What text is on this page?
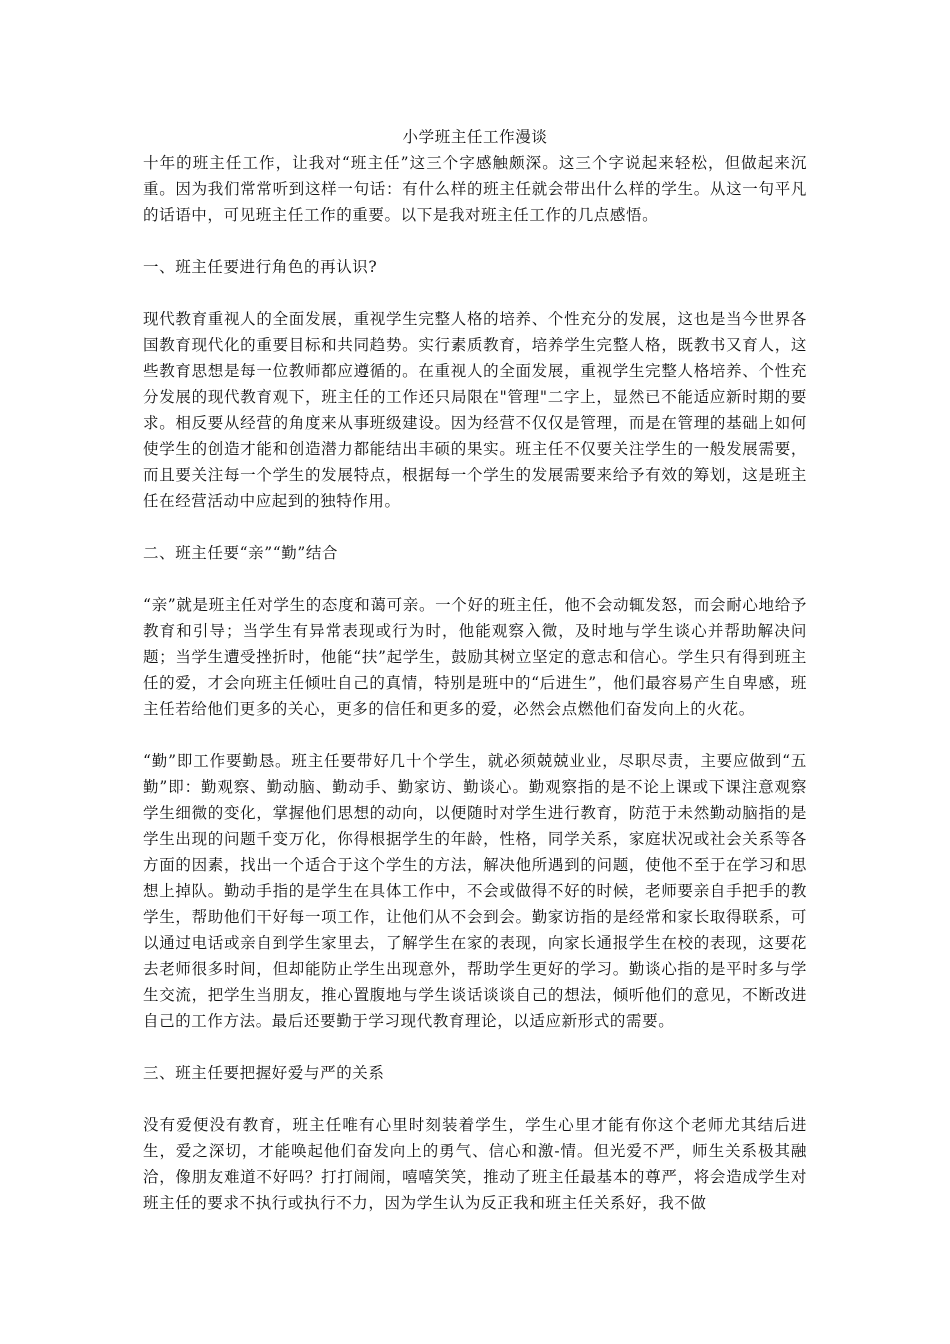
小学班主任工作漫谈

十年的班主任工作，让我对“班主任”这三个字感触颇深。这三个字说起来轻松，但做起来沉重。因为我们常常听到这样一句话：有什么样的班主任就会带出什么样的学生。从这一句平凡的话语中，可见班主任工作的重要。以下是我对班主任工作的几点感悟。

一、班主任要进行角色的再认识?

现代教育重视人的全面发展，重视学生完整人格的培养、个性充分的发展，这也是当今世界各国教育现代化的重要目标和共同趋势。实行素质教育，培养学生完整人格，既教书又育人，这些教育思想是每一位教师都应遵循的。在重视人的全面发展，重视学生完整人格培养、个性充分发展的现代教育观下，班主任的工作还只局限在"管理"二字上，显然已不能适应新时期的要求。相反要从经营的角度来从事班级建设。因为经营不仅仅是管理，而是在管理的基础上如何使学生的创造才能和创造潜力都能结出丰硕的果实。班主任不仅要关注学生的一般发展需要，而且要关注每一个学生的发展特点，根据每一个学生的发展需要来给予有效的筹划，这是班主任在经营活动中应起到的独特作用。

二、班主任要“亲”“勤”结合

“亲”就是班主任对学生的态度和蔼可亲。一个好的班主任，他不会动辄发怒，而会耐心地给予教育和引导；当学生有异常表现或行为时，他能观察入微，及时地与学生谈心并帮助解决问题；当学生遭受挫折时，他能“扶”起学生，鼓励其树立坚定的意志和信心。学生只有得到班主任的爱，才会向班主任倾吐自己的真情，特别是班中的“后进生”，他们最容易产生自卑感，班主任若给他们更多的关心，更多的信任和更多的爱，必然会点燃他们奋发向上的火花。

“勤”即工作要勤恳。班主任要带好几十个学生，就必须兢兢业业，尽职尽责，主要应做到“五勤”即：勤观察、勤动脑、勤动手、勤家访、勤谈心。勤观察指的是不论上课或下课注意观察学生细微的变化，掌握他们思想的动向，以便随时对学生进行教育，防范于未然勤动脑指的是学生出现的问题千变万化，你得根据学生的年龄，性格，同学关系，家庭状况或社会关系等各方面的因素，找出一个适合于这个学生的方法，解决他所遇到的问题，使他不至于在学习和思想上掉队。勤动手指的是学生在具体工作中，不会或做得不好的时候，老师要亲自手把手的教学生，帮助他们干好每一项工作，让他们从不会到会。勤家访指的是经常和家长取得联系，可以通过电话或亲自到学生家里去，了解学生在家的表现，向家长通报学生在校的表现，这要花去老师很多时间，但却能防止学生出现意外，帮助学生更好的学习。勤谈心指的是平时多与学生交流，把学生当朋友，推心置腹地与学生谈话谈谈自己的想法，倾听他们的意见，不断改进自己的工作方法。最后还要勤于学习现代教育理论，以适应新形式的需要。

三、班主任要把握好爱与严的关系

没有爱便没有教育，班主任唯有心里时刻装着学生，学生心里才能有你这个老师尤其结后进生，爱之深切，才能唤起他们奋发向上的勇气、信心和激-情。但光爱不严，师生关系极其融洽，像朋友难道不好吗？打打闹闹，嘻嘻笑笑，推动了班主任最基本的尊严，将会造成学生对班主任的要求不执行或执行不力，因为学生认为反正我和班主任关系好，我不做
